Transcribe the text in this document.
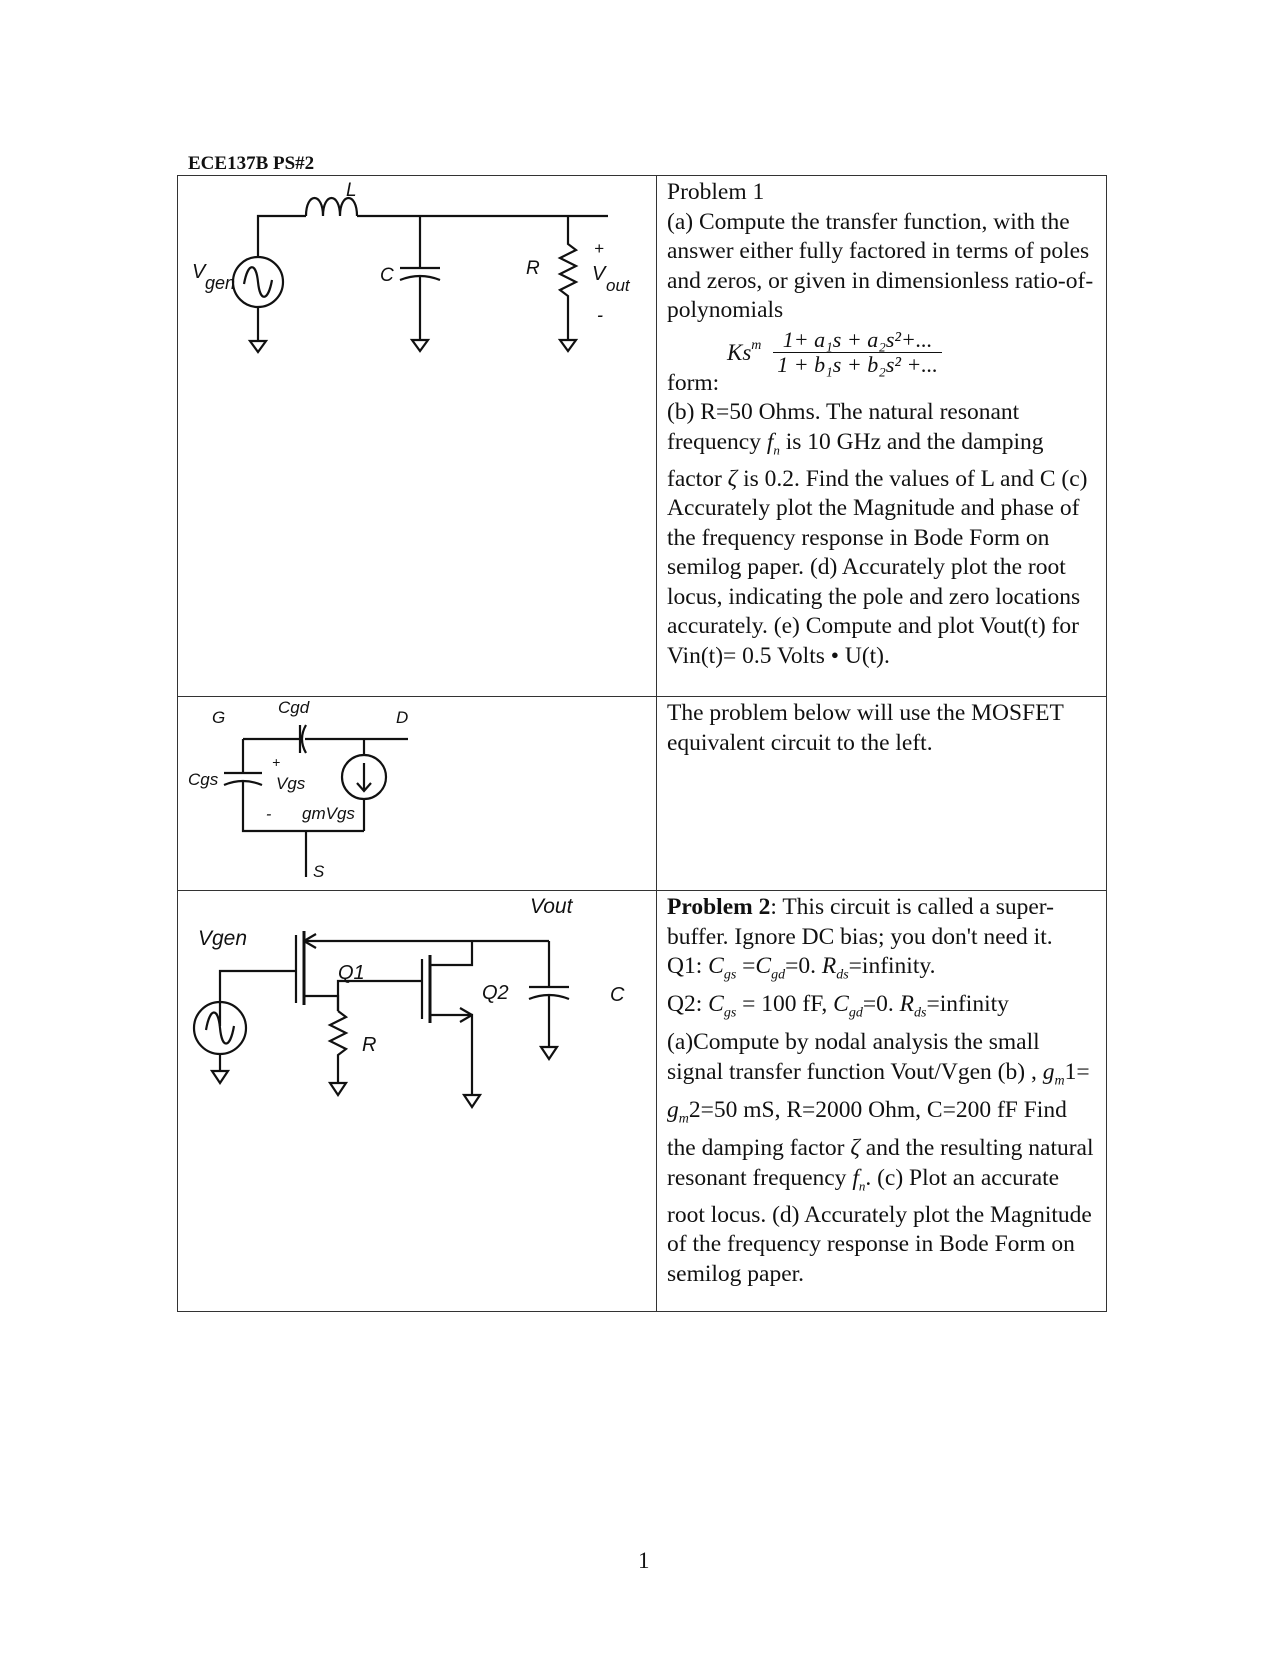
ECE137B PS#2
L
V gen	C	R
+
V
out
-
Problem 1
(a) Compute the transfer function, with the answer either fully factored in terms of poles and zeros, or given in dimensionless ratio-of-polynomials
$Ks^m \frac{\text{1+ a₁s + a₂s²+...}}{\text{1 + b₁s + b₂s² +...}}$
form:
(b) R=50 Ohms. The natural resonant frequency $f_n$ is 10 GHz and the damping factor ζ is 0.2. Find the values of L and C (c) Accurately plot the Magnitude and phase of the frequency response in Bode Form on semilog paper. (d) Accurately plot the root locus, indicating the pole and zero locations accurately. (e) Compute and plot Vout(t) for Vin(t)= 0.5 Volts • U(t).
G
Cgd
D
Cgs
+
Vgs
- gmVgs
S
The problem below will use the MOSFET equivalent circuit to the left.
Vout
Vgen
Q1
Q2	C
R
Problem 2: This circuit is called a super-buffer. Ignore DC bias; you don't need it.
Q1: $C_{gs} =C_{gd}=0$. $R_{ds}=infinity$.
Q2: $C_{gs} = 100$ fF, $C_{gd}=0$. $R_{ds}=infinity$
(a)Compute by nodal analysis the small signal transfer function Vout/Vgen (b) , $g_m1= g_m2=50$ mS, R=2000 Ohm, C=200 fF Find the damping factor ζ and the resulting natural resonant frequency $f_n$. (c) Plot an accurate root locus. (d) Accurately plot the Magnitude of the frequency response in Bode Form on semilog paper.
1
